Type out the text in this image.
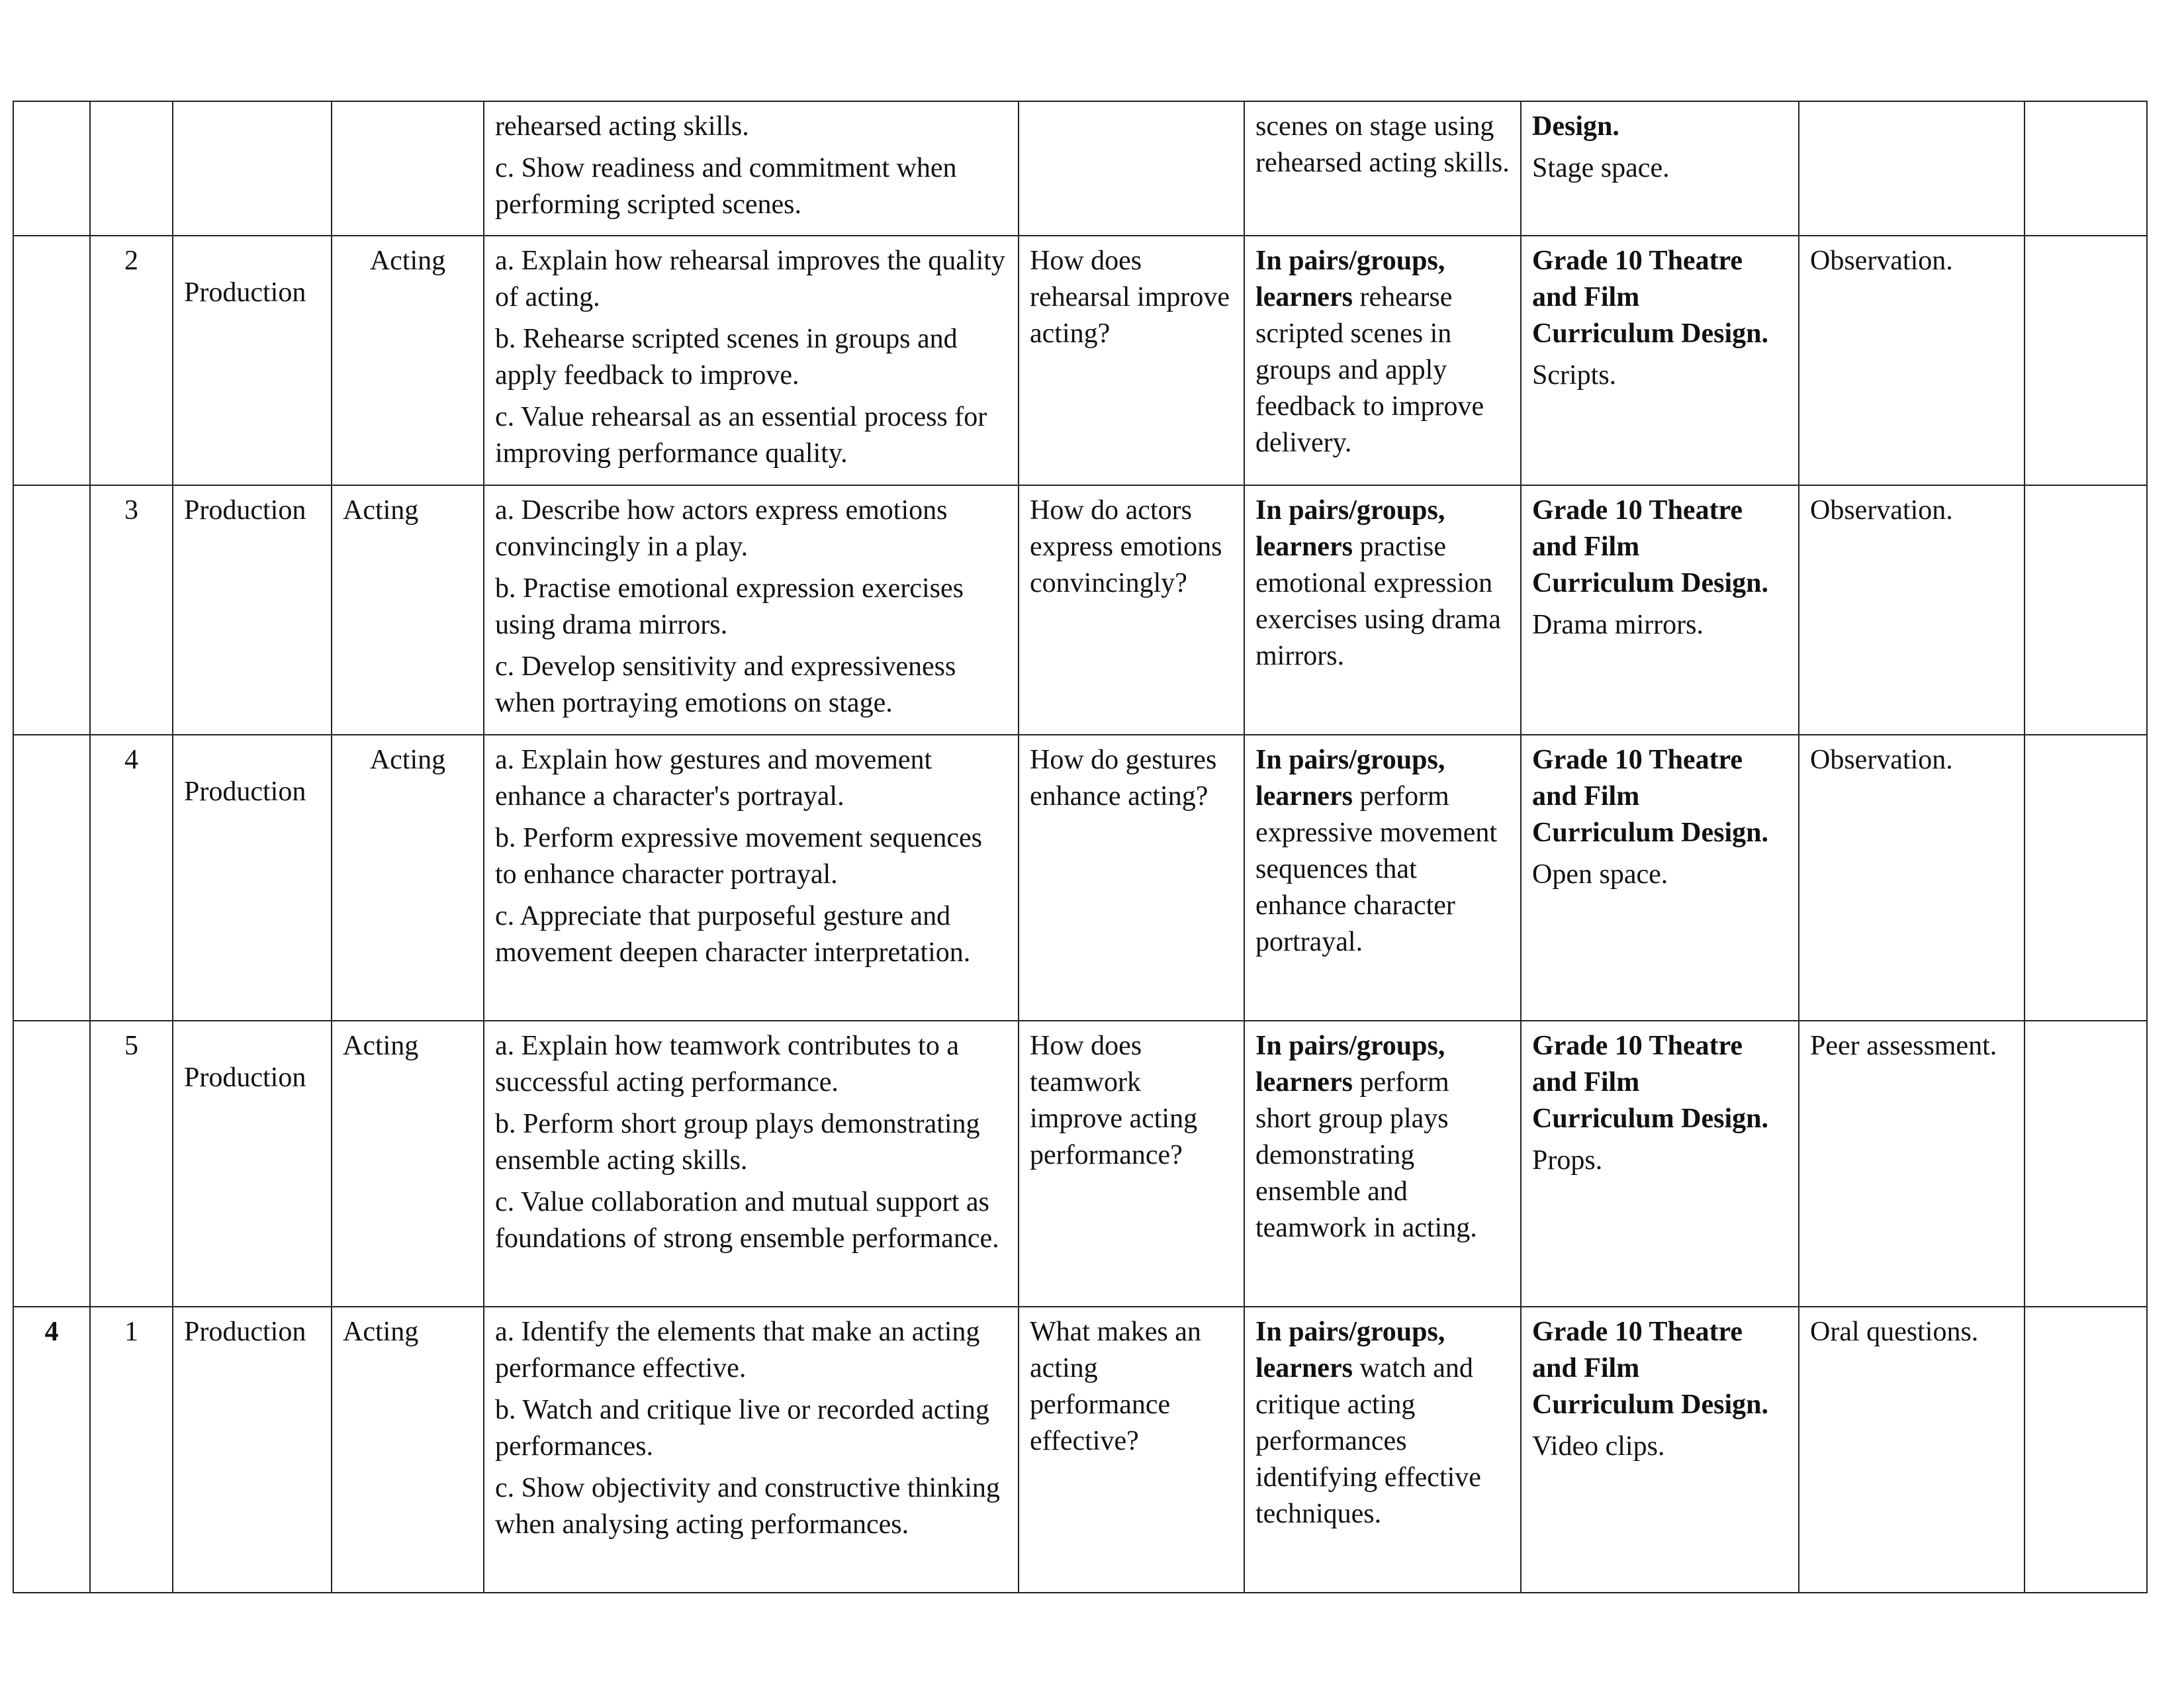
				rehearsed acting skills.
c. Show readiness and commitment when performing scripted scenes.		scenes on stage using rehearsed acting skills.	Design.
Stage space.		

	2	Production	Acting	a. Explain how rehearsal improves the quality of acting.
b. Rehearse scripted scenes in groups and apply feedback to improve.
c. Value rehearsal as an essential process for improving performance quality.	How does rehearsal improve acting?	In pairs/groups, learners rehearse scripted scenes in groups and apply feedback to improve delivery.	Grade 10 Theatre and Film Curriculum Design.
Scripts.	Observation.	
	3	Production	Acting	a. Describe how actors express emotions convincingly in a play.
b. Practise emotional expression exercises using drama mirrors.
c. Develop sensitivity and expressiveness when portraying emotions on stage.	How do actors express emotions convincingly?	In pairs/groups, learners practise emotional expression exercises using drama mirrors.	Grade 10 Theatre and Film Curriculum Design.
Drama mirrors.	Observation.	
	4	Production	Acting	a. Explain how gestures and movement enhance a character's portrayal.
b. Perform expressive movement sequences to enhance character portrayal.
c. Appreciate that purposeful gesture and movement deepen character interpretation.	How do gestures enhance acting?	In pairs/groups, learners perform expressive movement sequences that enhance character portrayal.	Grade 10 Theatre and Film Curriculum Design.
Open space.	Observation.	
	5	Production	Acting	a. Explain how teamwork contributes to a successful acting performance.
b. Perform short group plays demonstrating ensemble acting skills.
c. Value collaboration and mutual support as foundations of strong ensemble performance.	How does teamwork improve acting performance?	In pairs/groups, learners perform short group plays demonstrating ensemble and teamwork in acting.	Grade 10 Theatre and Film Curriculum Design.
Props.	Peer assessment.	
4	1	Production	Acting	a. Identify the elements that make an acting performance effective.
b. Watch and critique live or recorded acting performances.
c. Show objectivity and constructive thinking when analysing acting performances.	What makes an acting performance effective?	In pairs/groups, learners watch and critique acting performances identifying effective techniques.	Grade 10 Theatre and Film Curriculum Design.
Video clips.	Oral questions.	
